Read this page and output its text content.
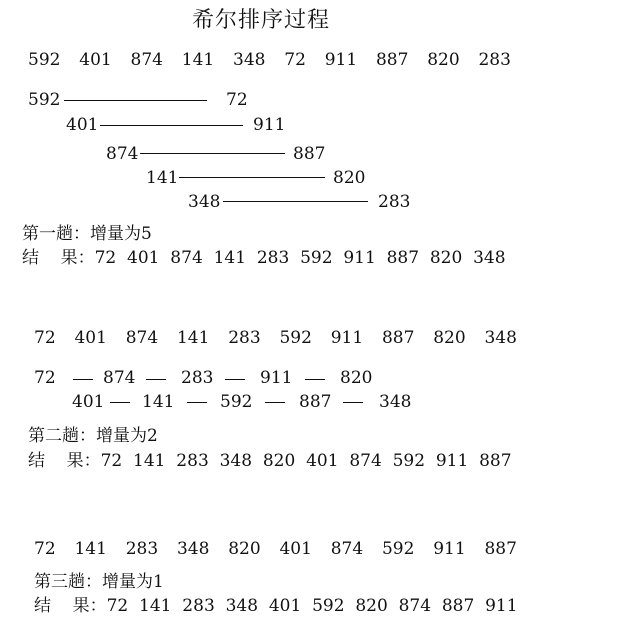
希尔排序过程
592  401  874  141  348  72  911  887  820  283
592	72
401	911
874	887
141	820
348	283
第一趟：增量为5
结    果：72  401  874  141  283  592  911  887  820  348
72  401  874  141  283  592  911  887  820  348
72	874	283	911	820
401 141	592	887	348
第二趟：增量为2
结    果：72  141  283  348  820  401  874  592  911  887
72  141  283  348  820  401  874  592  911  887
第三趟：增量为1
结    果：72  141  283  348  401  592  820  874  887  911
